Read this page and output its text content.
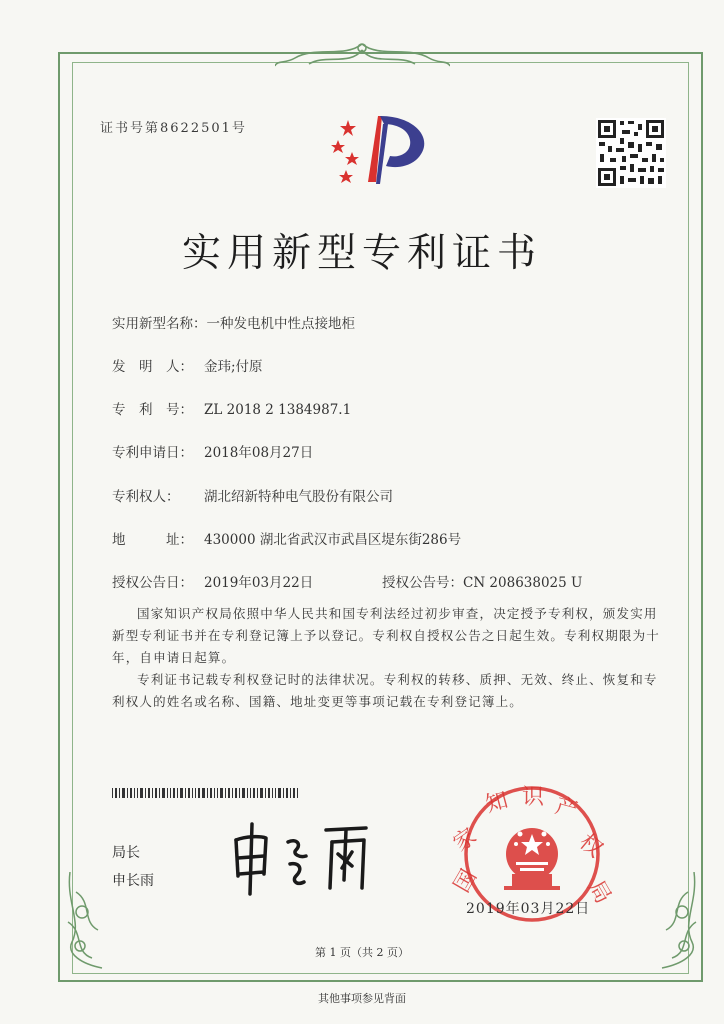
证书号第8622501号
实用新型专利证书
实用新型名称：一种发电机中性点接地柜
发　明　人： 金玮;付原
专　利　号： ZL 2018 2 1384987.1
专利申请日： 2018年08月27日
专利权人： 湖北绍新特种电气股份有限公司
地　　　址： 430000 湖北省武汉市武昌区堤东街286号
授权公告日： 2019年03月22日	授权公告号：CN 208638025 U
国家知识产权局依照中华人民共和国专利法经过初步审查，决定授予专利权，颁发实用新型专利证书并在专利登记簿上予以登记。专利权自授权公告之日起生效。专利权期限为十年，自申请日起算。
专利证书记载专利权登记时的法律状况。专利权的转移、质押、无效、终止、恢复和专利权人的姓名或名称、国籍、地址变更等事项记载在专利登记簿上。
局长
申长雨	国
家
知 识 产
权
局
2019年03月22日
第 1 页（共 2 页）
其他事项参见背面
